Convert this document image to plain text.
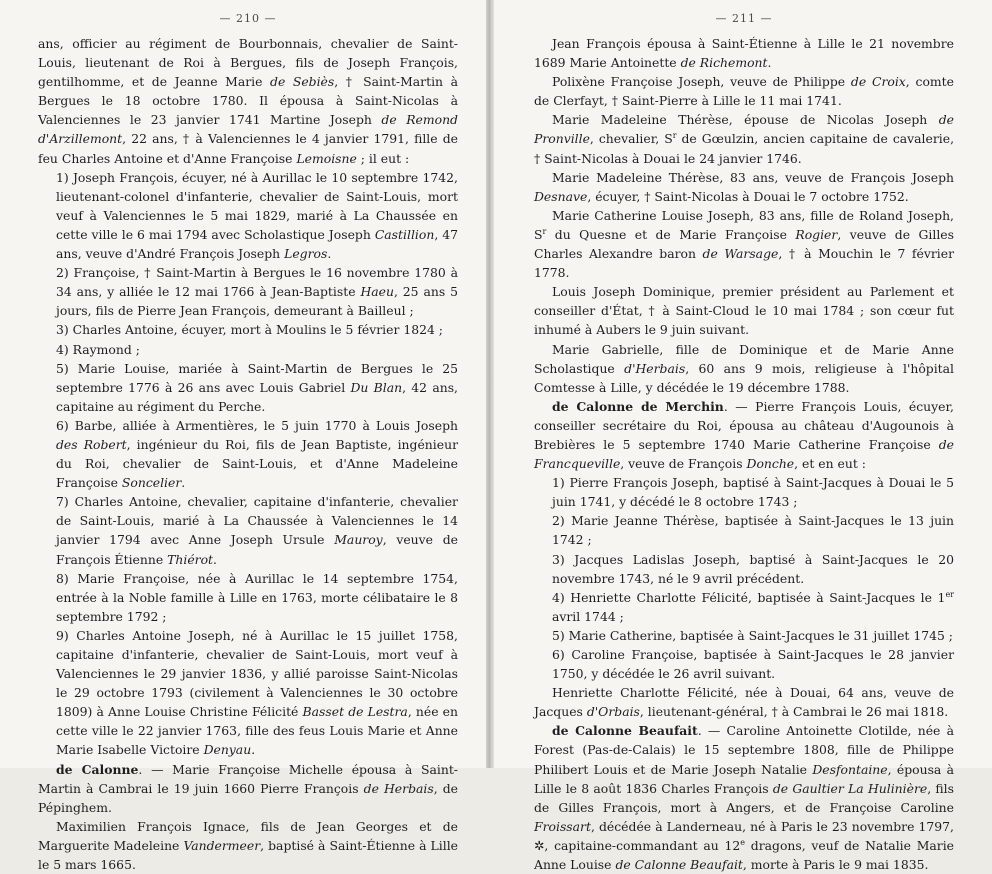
— 210 —

ans, officier au régiment de Bourbonnais, chevalier de Saint-Louis, lieutenant de Roi à Bergues, fils de Joseph François, gentilhomme, et de Jeanne Marie de Sebiès, † Saint-Martin à Bergues le 18 octobre 1780. Il épousa à Saint-Nicolas à Valenciennes le 23 janvier 1741 Martine Joseph de Remond d'Arzillemont, 22 ans, † à Valenciennes le 4 janvier 1791, fille de feu Charles Antoine et d'Anne Françoise Lemoisne ; il eut :

1) Joseph François, écuyer, né à Aurillac le 10 septembre 1742, lieutenant-colonel d'infanterie, chevalier de Saint-Louis, mort veuf à Valenciennes le 5 mai 1829, marié à La Chaussée en cette ville le 6 mai 1794 avec Scholastique Joseph Castillion, 47 ans, veuve d'André François Joseph Legros.

2) Françoise, † Saint-Martin à Bergues le 16 novembre 1780 à 34 ans, y alliée le 12 mai 1766 à Jean-Baptiste Haeu, 25 ans 5 jours, fils de Pierre Jean François, demeurant à Bailleul ;

3) Charles Antoine, écuyer, mort à Moulins le 5 février 1824 ;

4) Raymond ;

5) Marie Louise, mariée à Saint-Martin de Bergues le 25 septembre 1776 à 26 ans avec Louis Gabriel Du Blan, 42 ans, capitaine au régiment du Perche.

6) Barbe, alliée à Armentières, le 5 juin 1770 à Louis Joseph des Robert, ingénieur du Roi, fils de Jean Baptiste, ingénieur du Roi, chevalier de Saint-Louis, et d'Anne Madeleine Françoise Soncelier.

7) Charles Antoine, chevalier, capitaine d'infanterie, chevalier de Saint-Louis, marié à La Chaussée à Valenciennes le 14 janvier 1794 avec Anne Joseph Ursule Mauroy, veuve de François Étienne Thiérot.

8) Marie Françoise, née à Aurillac le 14 septembre 1754, entrée à la Noble famille à Lille en 1763, morte célibataire le 8 septembre 1792 ;

9) Charles Antoine Joseph, né à Aurillac le 15 juillet 1758, capitaine d'infanterie, chevalier de Saint-Louis, mort veuf à Valenciennes le 29 janvier 1836, y allié paroisse Saint-Nicolas le 29 octobre 1793 (civilement à Valenciennes le 30 octobre 1809) à Anne Louise Christine Félicité Basset de Lestra, née en cette ville le 22 janvier 1763, fille des feus Louis Marie et Anne Marie Isabelle Victoire Denyau.

de Calonne. — Marie Françoise Michelle épousa à Saint-Martin à Cambrai le 19 juin 1660 Pierre François de Herbais, de Pépinghem.

Maximilien François Ignace, fils de Jean Georges et de Marguerite Madeleine Vandermeer, baptisé à Saint-Étienne à Lille le 5 mars 1665.

— 211 —

Jean François épousa à Saint-Étienne à Lille le 21 novembre 1689 Marie Antoinette de Richemont.

Polixène Françoise Joseph, veuve de Philippe de Croix, comte de Clerfayt, † Saint-Pierre à Lille le 11 mai 1741.

Marie Madeleine Thérèse, épouse de Nicolas Joseph de Pronville, chevalier, $S^r$ de Gœulzin, ancien capitaine de cavalerie, † Saint-Nicolas à Douai le 24 janvier 1746.

Marie Madeleine Thérèse, 83 ans, veuve de François Joseph Desnave, écuyer, † Saint-Nicolas à Douai le 7 octobre 1752.

Marie Catherine Louise Joseph, 83 ans, fille de Roland Joseph, $S^r$ du Quesne et de Marie Françoise Rogier, veuve de Gilles Charles Alexandre baron de Warsage, † à Mouchin le 7 février 1778.

Louis Joseph Dominique, premier président au Parlement et conseiller d'État, † à Saint-Cloud le 10 mai 1784 ; son cœur fut inhumé à Aubers le 9 juin suivant.

Marie Gabrielle, fille de Dominique et de Marie Anne Scholastique d'Herbais, 60 ans 9 mois, religieuse à l'hôpital Comtesse à Lille, y décédée le 19 décembre 1788.

de Calonne de Merchin. — Pierre François Louis, écuyer, conseiller secrétaire du Roi, épousa au château d'Augounois à Brebières le 5 septembre 1740 Marie Catherine Françoise de Francqueville, veuve de François Donche, et en eut :

1) Pierre François Joseph, baptisé à Saint-Jacques à Douai le 5 juin 1741, y décédé le 8 octobre 1743 ;

2) Marie Jeanne Thérèse, baptisée à Saint-Jacques le 13 juin 1742 ;

3) Jacques Ladislas Joseph, baptisé à Saint-Jacques le 20 novembre 1743, né le 9 avril précédent.

4) Henriette Charlotte Félicité, baptisée à Saint-Jacques le 1er avril 1744 ;

5) Marie Catherine, baptisée à Saint-Jacques le 31 juillet 1745 ;

6) Caroline Françoise, baptisée à Saint-Jacques le 28 janvier 1750, y décédée le 26 avril suivant.

Henriette Charlotte Félicité, née à Douai, 64 ans, veuve de Jacques d'Orbais, lieutenant-général, † à Cambrai le 26 mai 1818.

de Calonne Beaufait. — Caroline Antoinette Clotilde, née à Forest (Pas-de-Calais) le 15 septembre 1808, fille de Philippe Philibert Louis et de Marie Joseph Natalie Desfontaine, épousa à Lille le 8 août 1836 Charles François de Gaultier La Hulinière, fils de Gilles François, mort à Angers, et de Françoise Caroline Froissart, décédée à Landerneau, né à Paris le 23 novembre 1797, ✲, capitaine-commandant au 12e dragons, veuf de Natalie Marie Anne Louise de Calonne Beaufait, morte à Paris le 9 mai 1835.
